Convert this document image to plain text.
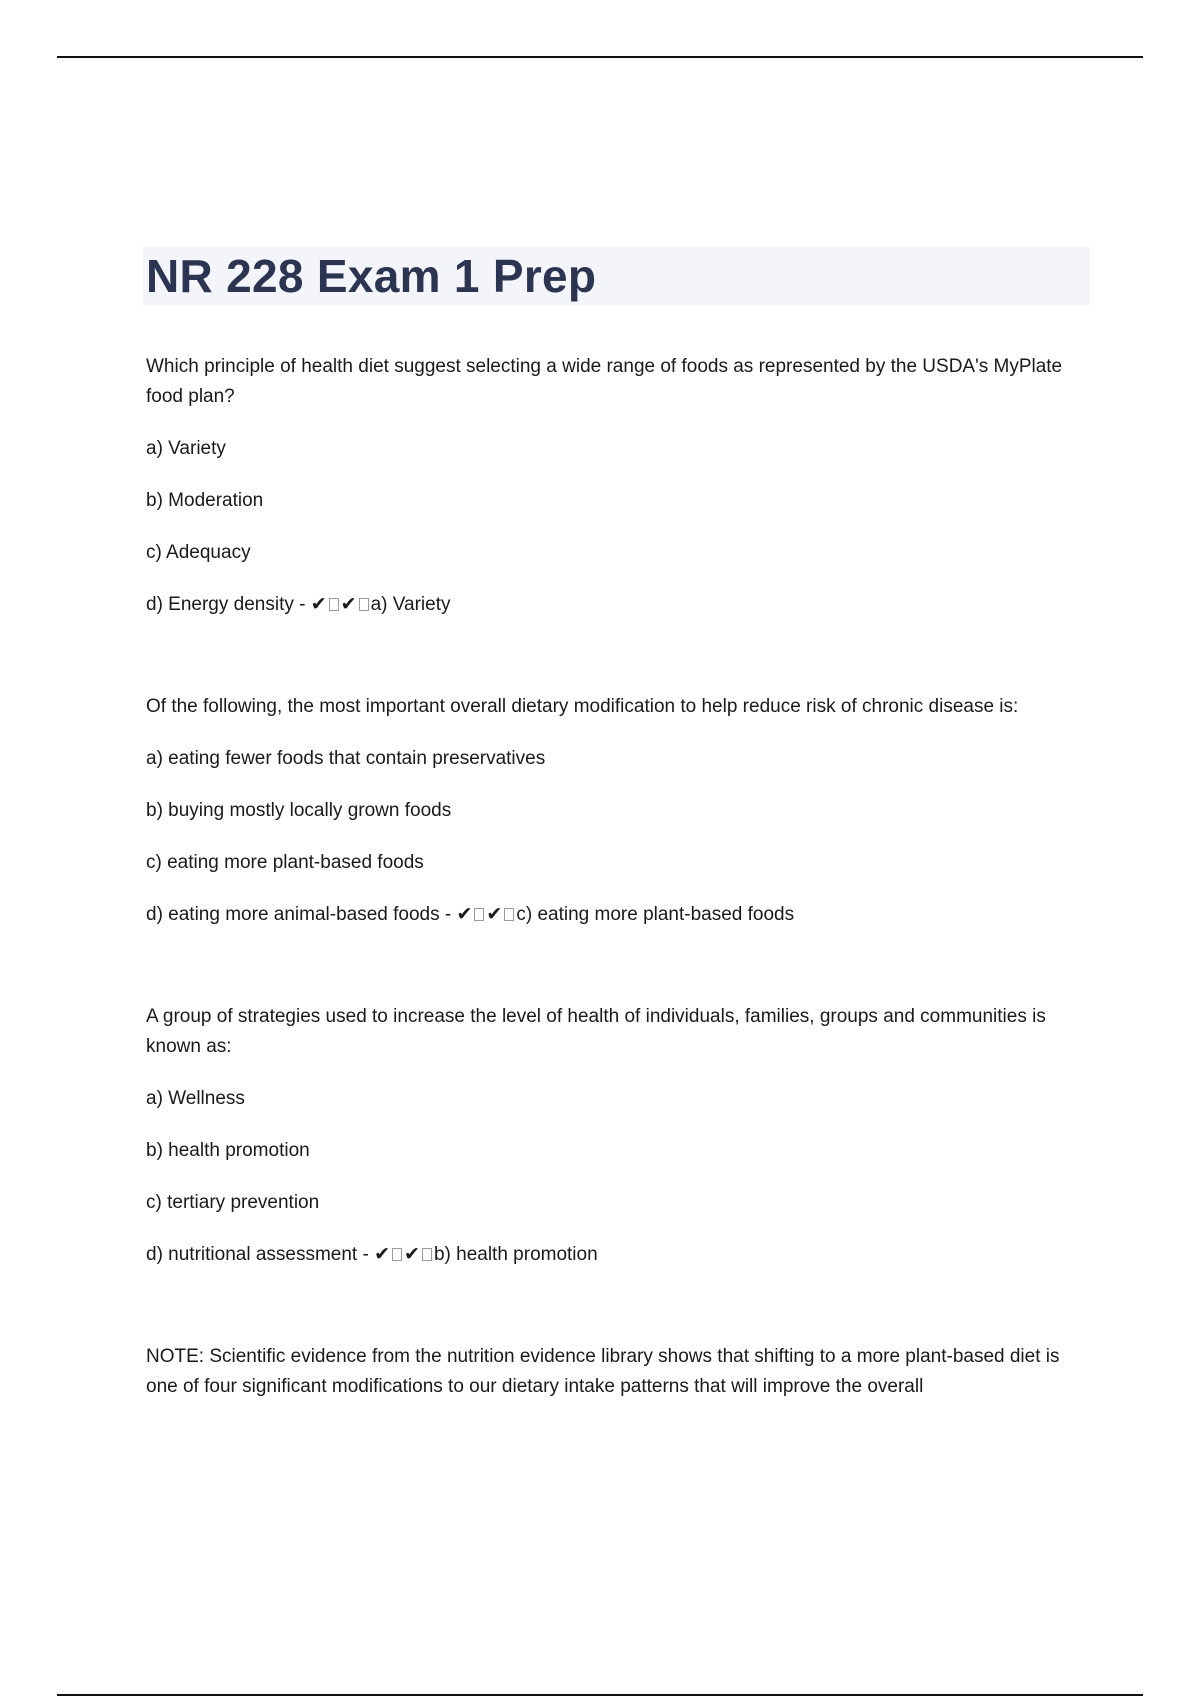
NR 228 Exam 1 Prep

Which principle of health diet suggest selecting a wide range of foods as represented by the USDA's MyPlate food plan?

a) Variety

b) Moderation

c) Adequacy

d) Energy density - ✔ ✔ a) Variety

Of the following, the most important overall dietary modification to help reduce risk of chronic disease is:

a) eating fewer foods that contain preservatives

b) buying mostly locally grown foods

c) eating more plant-based foods

d) eating more animal-based foods - ✔ ✔ c) eating more plant-based foods

A group of strategies used to increase the level of health of individuals, families, groups and communities is known as:

a) Wellness

b) health promotion

c) tertiary prevention

d) nutritional assessment - ✔ ✔ b) health promotion

NOTE: Scientific evidence from the nutrition evidence library shows that shifting to a more plant-based diet is one of four significant modifications to our dietary intake patterns that will improve the overall
